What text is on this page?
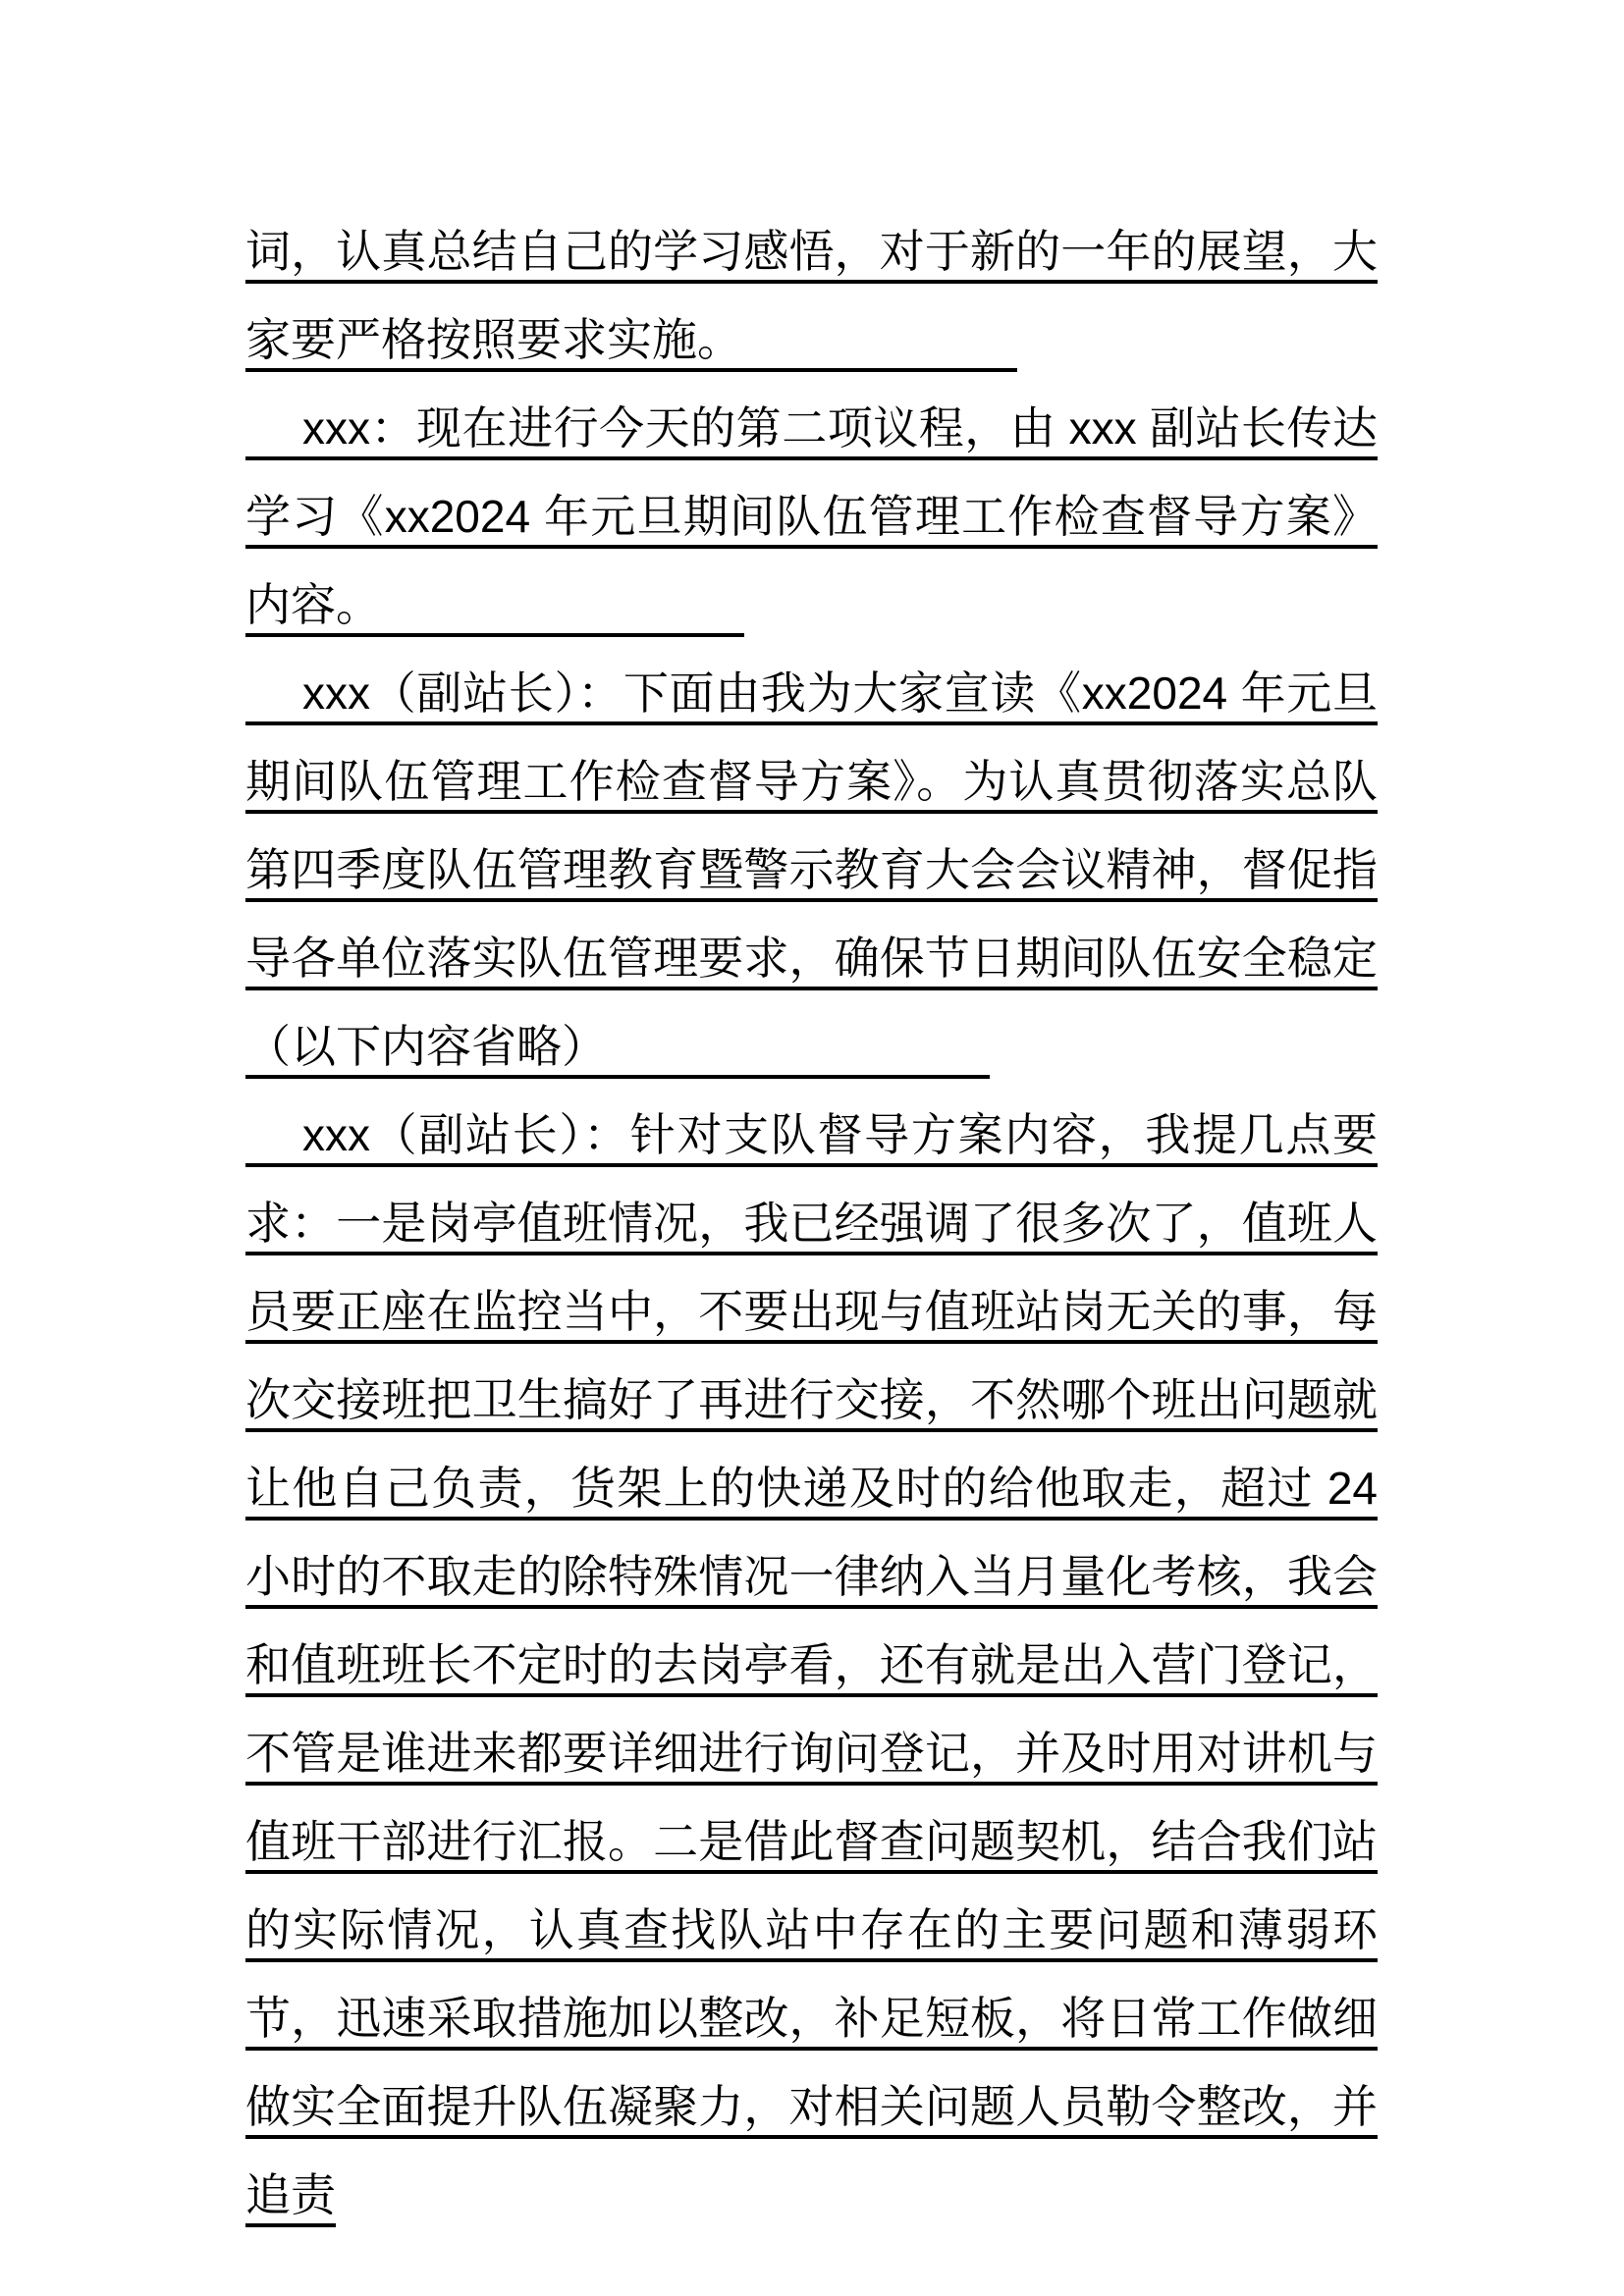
词，认真总结自己的学习感悟，对于新的一年的展望，大家要严格按照要求实施。

xxx：现在进行今天的第二项议程，由 xxx 副站长传达学习《xx2024 年元旦期间队伍管理工作检查督导方案》内容。

xxx（副站长）：下面由我为大家宣读《xx2024 年元旦期间队伍管理工作检查督导方案》。为认真贯彻落实总队第四季度队伍管理教育暨警示教育大会会议精神，督促指导各单位落实队伍管理要求，确保节日期间队伍安全稳定（以下内容省略）

xxx（副站长）：针对支队督导方案内容，我提几点要求：一是岗亭值班情况，我已经强调了很多次了，值班人员要正座在监控当中，不要出现与值班站岗无关的事，每次交接班把卫生搞好了再进行交接，不然哪个班出问题就让他自己负责，货架上的快递及时的给他取走，超过 24 小时的不取走的除特殊情况一律纳入当月量化考核，我会和值班班长不定时的去岗亭看，还有就是出入营门登记，不管是谁进来都要详细进行询问登记，并及时用对讲机与值班干部进行汇报。二是借此督查问题契机，结合我们站的实际情况，认真查找队站中存在的主要问题和薄弱环节，迅速采取措施加以整改，补足短板，将日常工作做细做实全面提升队伍凝聚力，对相关问题人员勒令整改，并追责
